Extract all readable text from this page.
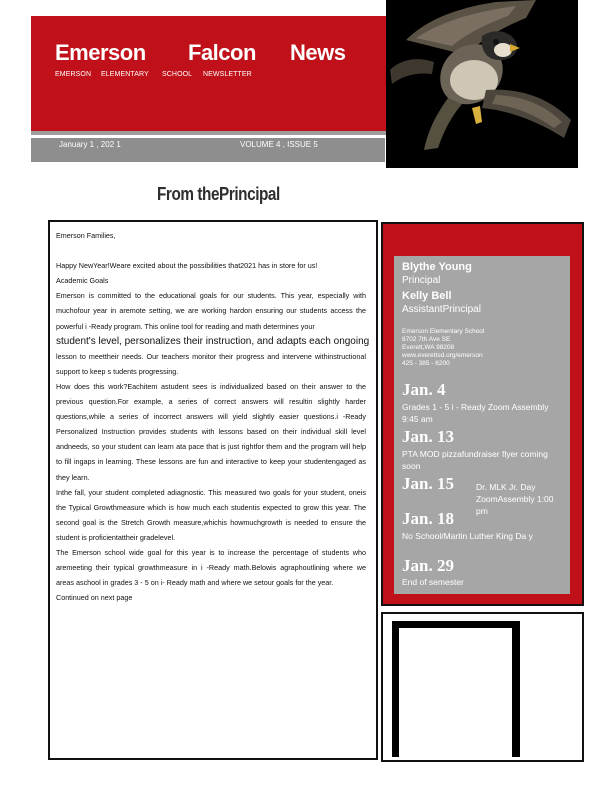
Emerson Falcon News
EMERSON ELEMENTARY SCHOOL NEWSLETTER
January 1 , 202 1	VOLUME 4 , ISSUE 5
From thePrincipal

Emerson Families,

Happy NewYear!Weare excited about the possibilities that2021 has in store for us!

Academic Goals

Emerson is committed to the educational goals for our students. This year, especially with muchofour year in aremote setting, we are working hardon ensuring our students access the powerful i -Ready program. This online tool for reading and math determines your

student's level, personalizes their instruction, and adapts each ongoing

lesson to meettheir needs. Our teachers monitor their progress and intervene withinstructional support to keep s tudents progressing.

How does this work?Eachitem astudent sees is individualized based on their answer to the previous question.For example, a series of correct answers will resultin slightly harder questions,while a series of incorrect answers will yield slightly easier questions.i -Ready Personalized Instruction provides students with lessons based on their individual skill level andneeds, so your student can learn ata pace that is just rightfor them and the program will help to fill ingaps in learning. These lessons are fun and interactive to keep your studentengaged as they learn.

Inthe fall, your student completed adiagnostic. This measured two goals for your student, oneis the Typical Growthmeasure which is how much each studentis expected to grow this year. The second goal is the Stretch Growth measure,whichis howmuchgrowth is needed to ensure the student is proficientattheir gradelevel.

The Emerson school wide goal for this year is to increase the percentage of students who aremeeting their typical growthmeasure in i -Ready math.Belowis agraphoutlining where we areas aschool in grades 3 - 5 on i- Ready math and where we setour goals for the year.

Continued on next page

Blythe Young
Principal
Kelly Bell
AssistantPrincipal
Emerson Elementary School
8702 7th Ave SE
Everett,WA 98208
www.everettsd.org/emerson
425 - 385 - 6200
Jan. 4
Grades 1 - 5 i - Ready Zoom Assembly 9:45 am
Jan. 13
PTA MOD pizzafundraiser flyer coming soon
Jan. 15	Dr. MLK Jr. Day ZoomAssembly 1:00 pm
Jan. 18
No School/Martin Luther King Da y
Jan. 29
End of semester
